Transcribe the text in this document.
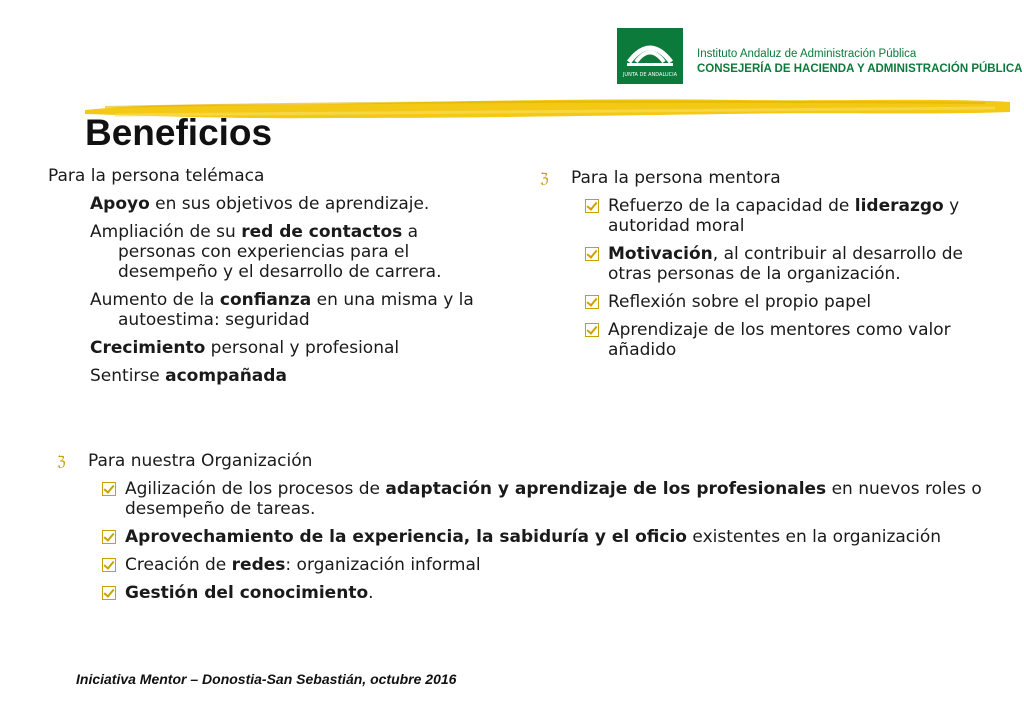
JUNTA DE ANDALUCIA
Instituto Andaluz de Administración Pública
CONSEJERÍA DE HACIENDA Y ADMINISTRACIÓN PÚBLICA
Beneficios
Para la persona telémaca
Apoyo en sus objetivos de aprendizaje.
Ampliación de su red de contactos a personas con experiencias para el desempeño y el desarrollo de carrera.
Aumento de la confianza en una misma y la autoestima: seguridad
Crecimiento personal y profesional
Sentirse acompañada
ℨ Para la persona mentora
Refuerzo de la capacidad de liderazgo y autoridad moral
Motivación, al contribuir al desarrollo de otras personas de la organización.
Reflexión sobre el propio papel
Aprendizaje de los mentores como valor añadido
ℨ Para nuestra Organización
Agilización de los procesos de adaptación y aprendizaje de los profesionales en nuevos roles o desempeño de tareas.
Aprovechamiento de la experiencia, la sabiduría y el oficio existentes en la organización
Creación de redes: organización informal
Gestión del conocimiento.
Iniciativa Mentor – Donostia-San Sebastián, octubre 2016
